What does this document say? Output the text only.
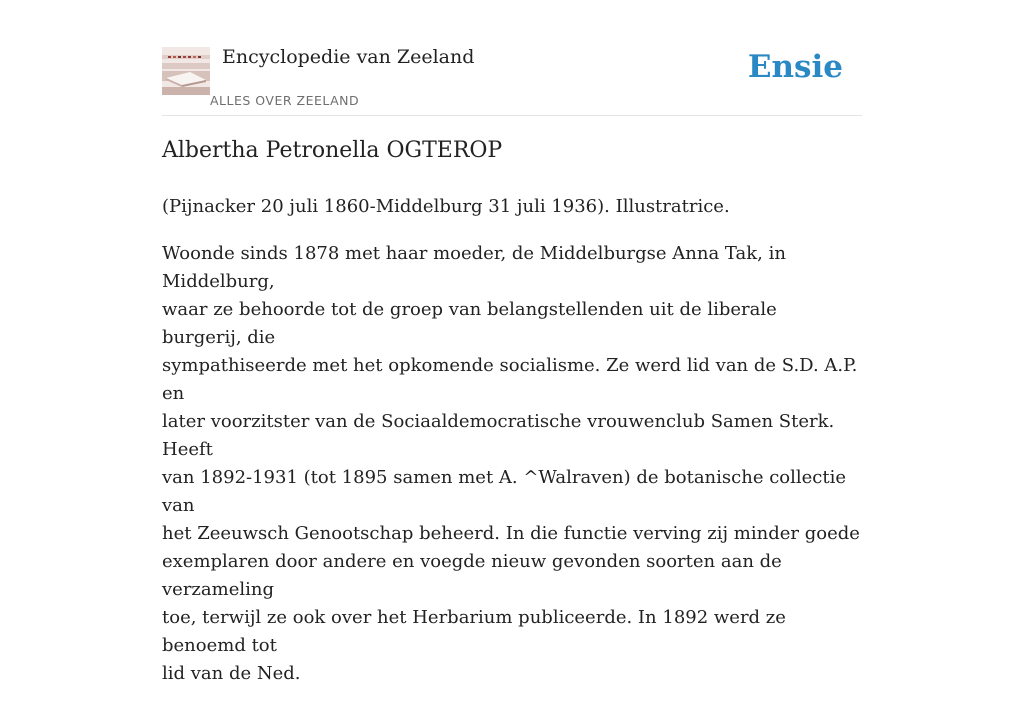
Encyclopedie van Zeeland
ALLES OVER ZEELAND
Ensie
Albertha Petronella OGTEROP

(Pijnacker 20 juli 1860-Middelburg 31 juli 1936). Illustratrice.

Woonde sinds 1878 met haar moeder, de Middelburgse Anna Tak, in Middelburg,
waar ze behoorde tot de groep van belangstellenden uit de liberale burgerij, die
sympathiseerde met het opkomende socialisme. Ze werd lid van de S.D. A.P. en
later voorzitster van de Sociaaldemocratische vrouwenclub Samen Sterk. Heeft
van 1892-1931 (tot 1895 samen met A. ^Walraven) de botanische collectie van
het Zeeuwsch Genootschap beheerd. In die functie verving zij minder goede
exemplaren door andere en voegde nieuw gevonden soorten aan de verzameling
toe, terwijl ze ook over het Herbarium publiceerde. In 1892 werd ze benoemd tot
lid van de Ned.
